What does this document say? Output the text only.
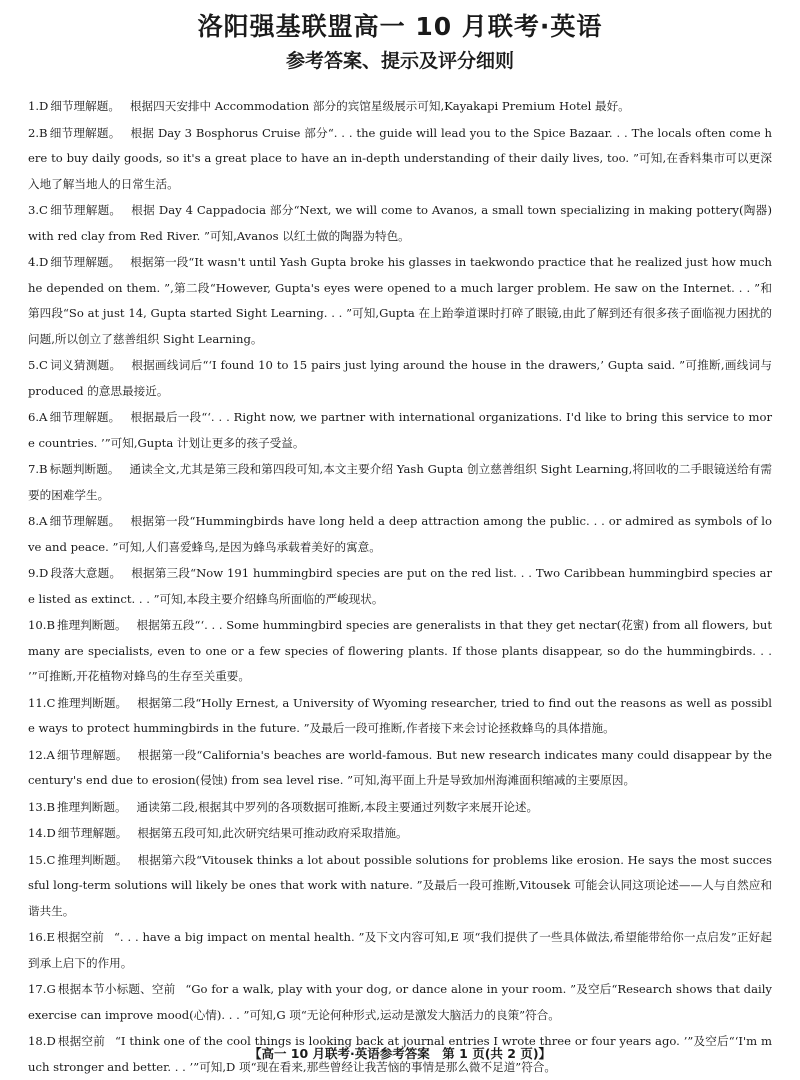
洛阳强基联盟高一 10 月联考·英语
参考答案、提示及评分细则
1.D 细节理解题。 根据四天安排中 Accommodation 部分的宾馆星级展示可知,Kayakapi Premium Hotel 最好。
2.B 细节理解题。 根据 Day 3 Bosphorus Cruise 部分“. . . the guide will lead you to the Spice Bazaar. . . The locals often come here to buy daily goods, so it's a great place to have an in-depth understanding of their daily lives, too. ”可知,在香料集市可以更深入地了解当地人的日常生活。
3.C 细节理解题。 根据 Day 4 Cappadocia 部分“Next, we will come to Avanos, a small town specializing in making pottery(陶器) with red clay from Red River. ”可知,Avanos 以红土做的陶器为特色。
4.D 细节理解题。 根据第一段“It wasn't until Yash Gupta broke his glasses in taekwondo practice that he realized just how much he depended on them. ”,第二段“However, Gupta's eyes were opened to a much larger problem. He saw on the Internet. . . ”和第四段“So at just 14, Gupta started Sight Learning. . . ”可知,Gupta 在上跆拳道课时打碎了眼镜,由此了解到还有很多孩子面临视力困扰的问题,所以创立了慈善组织 Sight Learning。
5.C 词义猜测题。 根据画线词后“‘I found 10 to 15 pairs just lying around the house in the drawers,’ Gupta said. ”可推断,画线词与 produced 的意思最接近。
6.A 细节理解题。 根据最后一段“‘. . . Right now, we partner with international organizations. I'd like to bring this service to more countries. ’”可知,Gupta 计划让更多的孩子受益。
7.B 标题判断题。 通读全文,尤其是第三段和第四段可知,本文主要介绍 Yash Gupta 创立慈善组织 Sight Learning,将回收的二手眼镜送给有需要的困难学生。
8.A 细节理解题。 根据第一段“Hummingbirds have long held a deep attraction among the public. . . or admired as symbols of love and peace. ”可知,人们喜爱蜂鸟,是因为蜂鸟承载着美好的寓意。
9.D 段落大意题。 根据第三段“Now 191 hummingbird species are put on the red list. . . Two Caribbean hummingbird species are listed as extinct. . . ”可知,本段主要介绍蜂鸟所面临的严峻现状。
10.B 推理判断题。 根据第五段“‘. . . Some hummingbird species are generalists in that they get nectar(花蜜) from all flowers, but many are specialists, even to one or a few species of flowering plants. If those plants disappear, so do the hummingbirds. . . ’”可推断,开花植物对蜂鸟的生存至关重要。
11.C 推理判断题。 根据第二段“Holly Ernest, a University of Wyoming researcher, tried to find out the reasons as well as possible ways to protect hummingbirds in the future. ”及最后一段可推断,作者接下来会讨论拯救蜂鸟的具体措施。
12.A 细节理解题。 根据第一段“California's beaches are world-famous. But new research indicates many could disappear by the century's end due to erosion(侵蚀) from sea level rise. ”可知,海平面上升是导致加州海滩面积缩减的主要原因。
13.B 推理判断题。 通读第二段,根据其中罗列的各项数据可推断,本段主要通过列数字来展开论述。
14.D 细节理解题。 根据第五段可知,此次研究结果可推动政府采取措施。
15.C 推理判断题。 根据第六段“Vitousek thinks a lot about possible solutions for problems like erosion. He says the most successful long-term solutions will likely be ones that work with nature. ”及最后一段可推断,Vitousek 可能会认同这项论述——人与自然应和谐共生。
16.E 根据空前 “. . . have a big impact on mental health. ”及下文内容可知,E 项“我们提供了一些具体做法,希望能带给你一点启发”正好起到承上启下的作用。
17.G 根据本节小标题、空前 “Go for a walk, play with your dog, or dance alone in your room. ”及空后“Research shows that daily exercise can improve mood(心情). . . ”可知,G 项“无论何种形式,运动是激发大脑活力的良策”符合。
18.D 根据空前 “I think one of the cool things is looking back at journal entries I wrote three or four years ago. ’”及空后“‘I'm much stronger and better. . . ’”可知,D 项“现在看来,那些曾经让我苦恼的事情是那么微不足道”符合。
【高一 10 月联考·英语参考答案　第 1 页(共 2 页)】
